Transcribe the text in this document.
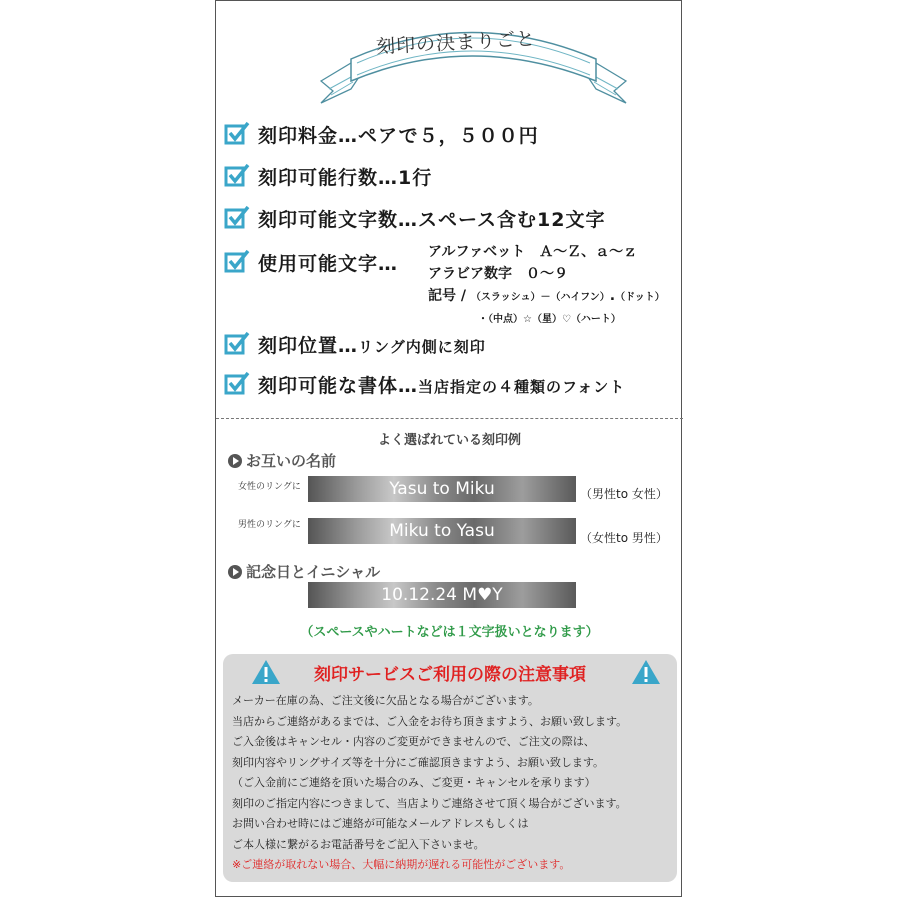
刻印の決まりごと
刻印料金…ペアで５，５００円
刻印可能行数…1行
刻印可能文字数…スペース含む12文字
使用可能文字…
アルファベット　Ａ～Ｚ、ａ～ｚ
アラビア数字　０～９
記号 / （スラッシュ）－（ハイフン）.（ドット）
・（中点）☆（星）♡（ハート）
刻印位置…リング内側に刻印
刻印可能な書体…当店指定の４種類のフォント
よく選ばれている刻印例
お互いの名前
女性のリングに	Yasu to Miku	（男性to 女性）
男性のリングに	Miku to Yasu	（女性to 男性）
記念日とイニシャル
10.12.24 M♥Y
（スペースやハートなどは１文字扱いとなります）
刻印サービスご利用の際の注意事項
メーカー在庫の為、ご注文後に欠品となる場合がございます。
当店からご連絡があるまでは、ご入金をお待ち頂きますよう、お願い致します。
ご入金後はキャンセル・内容のご変更ができませんので、ご注文の際は、
刻印内容やリングサイズ等を十分にご確認頂きますよう、お願い致します。
（ご入金前にご連絡を頂いた場合のみ、ご変更・キャンセルを承ります）
刻印のご指定内容につきまして、当店よりご連絡させて頂く場合がございます。
お問い合わせ時にはご連絡が可能なメールアドレスもしくは
ご本人様に繋がるお電話番号をご記入下さいませ。
※ご連絡が取れない場合、大幅に納期が遅れる可能性がございます。
